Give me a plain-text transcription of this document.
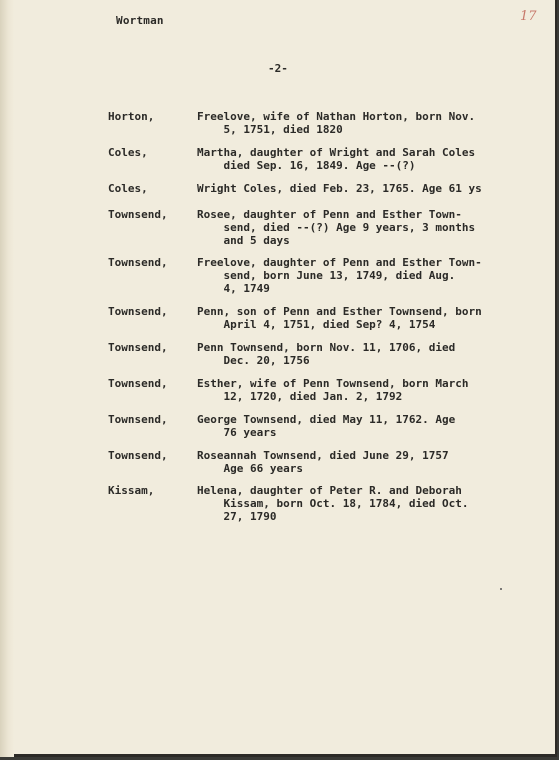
17
Wortman
-2-
Horton,	Freelove, wife of Nathan Horton, born Nov.
5, 1751, died 1820
Coles,	Martha, daughter of Wright and Sarah Coles
died Sep. 16, 1849. Age --(?)
Coles,	Wright Coles, died Feb. 23, 1765. Age 61 ys
Townsend,	Rosee, daughter of Penn and Esther Town-
send, died --(?) Age 9 years, 3 months
and 5 days
Townsend,	Freelove, daughter of Penn and Esther Town-
send, born June 13, 1749, died Aug.
4, 1749
Townsend,	Penn, son of Penn and Esther Townsend, born
April 4, 1751, died Sep? 4, 1754
Townsend,	Penn Townsend, born Nov. 11, 1706, died
Dec. 20, 1756
Townsend,	Esther, wife of Penn Townsend, born March
12, 1720, died Jan. 2, 1792
Townsend,	George Townsend, died May 11, 1762. Age
76 years
Townsend,	Roseannah Townsend, died June 29, 1757
Age 66 years
Kissam,	Helena, daughter of Peter R. and Deborah
Kissam, born Oct. 18, 1784, died Oct.
27, 1790
